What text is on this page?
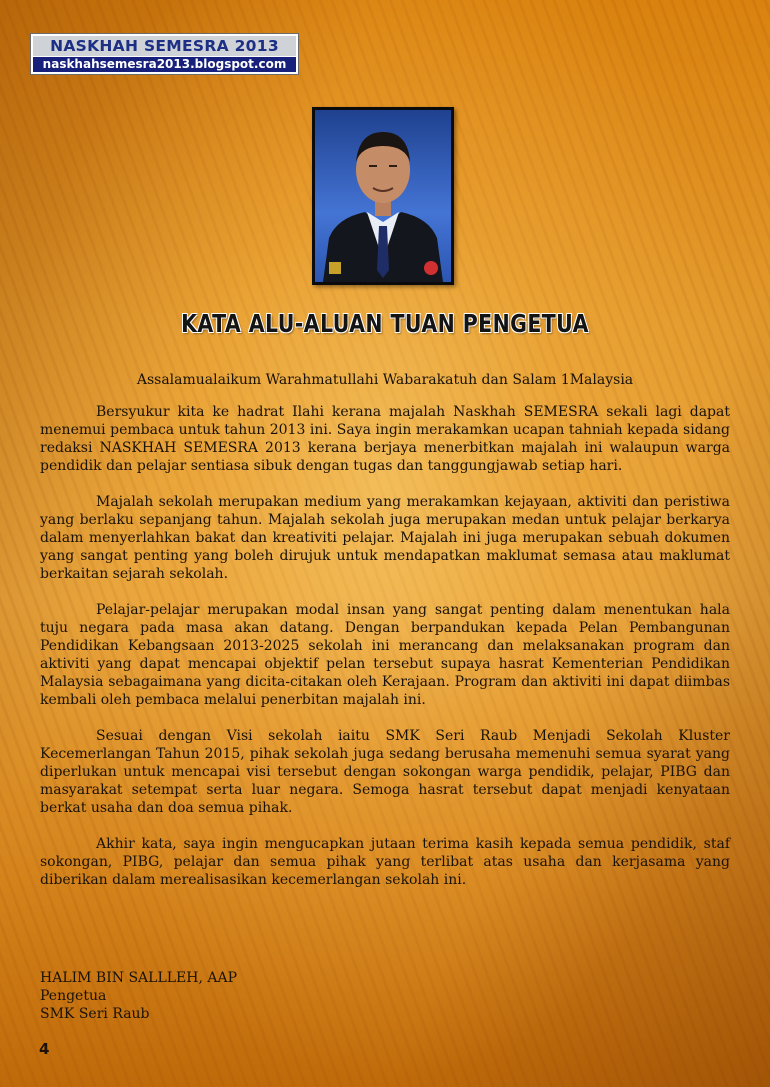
NASKHAH SEMESRA 2013
naskhahsemesra2013.blogspot.com
KATA ALU-ALUAN TUAN PENGETUA

Assalamualaikum Warahmatullahi Wabarakatuh dan Salam 1Malaysia

Bersyukur kita ke hadrat Ilahi kerana majalah Naskhah SEMESRA sekali lagi dapat menemui pembaca untuk tahun 2013 ini. Saya ingin merakamkan ucapan tahniah kepada sidang redaksi NASKHAH SEMESRA 2013 kerana berjaya menerbitkan majalah ini walaupun warga pendidik dan pelajar sentiasa sibuk dengan tugas dan tanggungjawab setiap hari.

Majalah sekolah merupakan medium yang merakamkan kejayaan, aktiviti dan peristiwa yang berlaku sepanjang tahun. Majalah sekolah juga merupakan medan untuk pelajar berkarya dalam menyerlahkan bakat dan kreativiti pelajar. Majalah ini juga merupakan sebuah dokumen yang sangat penting yang boleh dirujuk untuk mendapatkan maklumat semasa atau maklumat berkaitan sejarah sekolah.

Pelajar-pelajar merupakan modal insan yang sangat penting dalam menentukan hala tuju negara pada masa akan datang. Dengan berpandukan kepada Pelan Pembangunan Pendidikan Kebangsaan 2013-2025 sekolah ini merancang dan melaksanakan program dan aktiviti yang dapat mencapai objektif pelan tersebut supaya hasrat Kementerian Pendidikan Malaysia sebagaimana yang dicita-citakan oleh Kerajaan. Program dan aktiviti ini dapat diimbas kembali oleh pembaca melalui penerbitan majalah ini.

Sesuai dengan Visi sekolah iaitu SMK Seri Raub Menjadi Sekolah Kluster Kecemerlangan Tahun 2015, pihak sekolah juga sedang berusaha memenuhi semua syarat yang diperlukan untuk mencapai visi tersebut dengan sokongan warga pendidik, pelajar, PIBG dan masyarakat setempat serta luar negara. Semoga hasrat tersebut dapat menjadi kenyataan berkat usaha dan doa semua pihak.

Akhir kata, saya ingin mengucapkan jutaan terima kasih kepada semua pendidik, staf sokongan, PIBG, pelajar dan semua pihak yang terlibat atas usaha dan kerjasama yang diberikan dalam merealisasikan kecemerlangan sekolah ini.

HALIM BIN SALLLEH, AAP
Pengetua
SMK Seri Raub
4
